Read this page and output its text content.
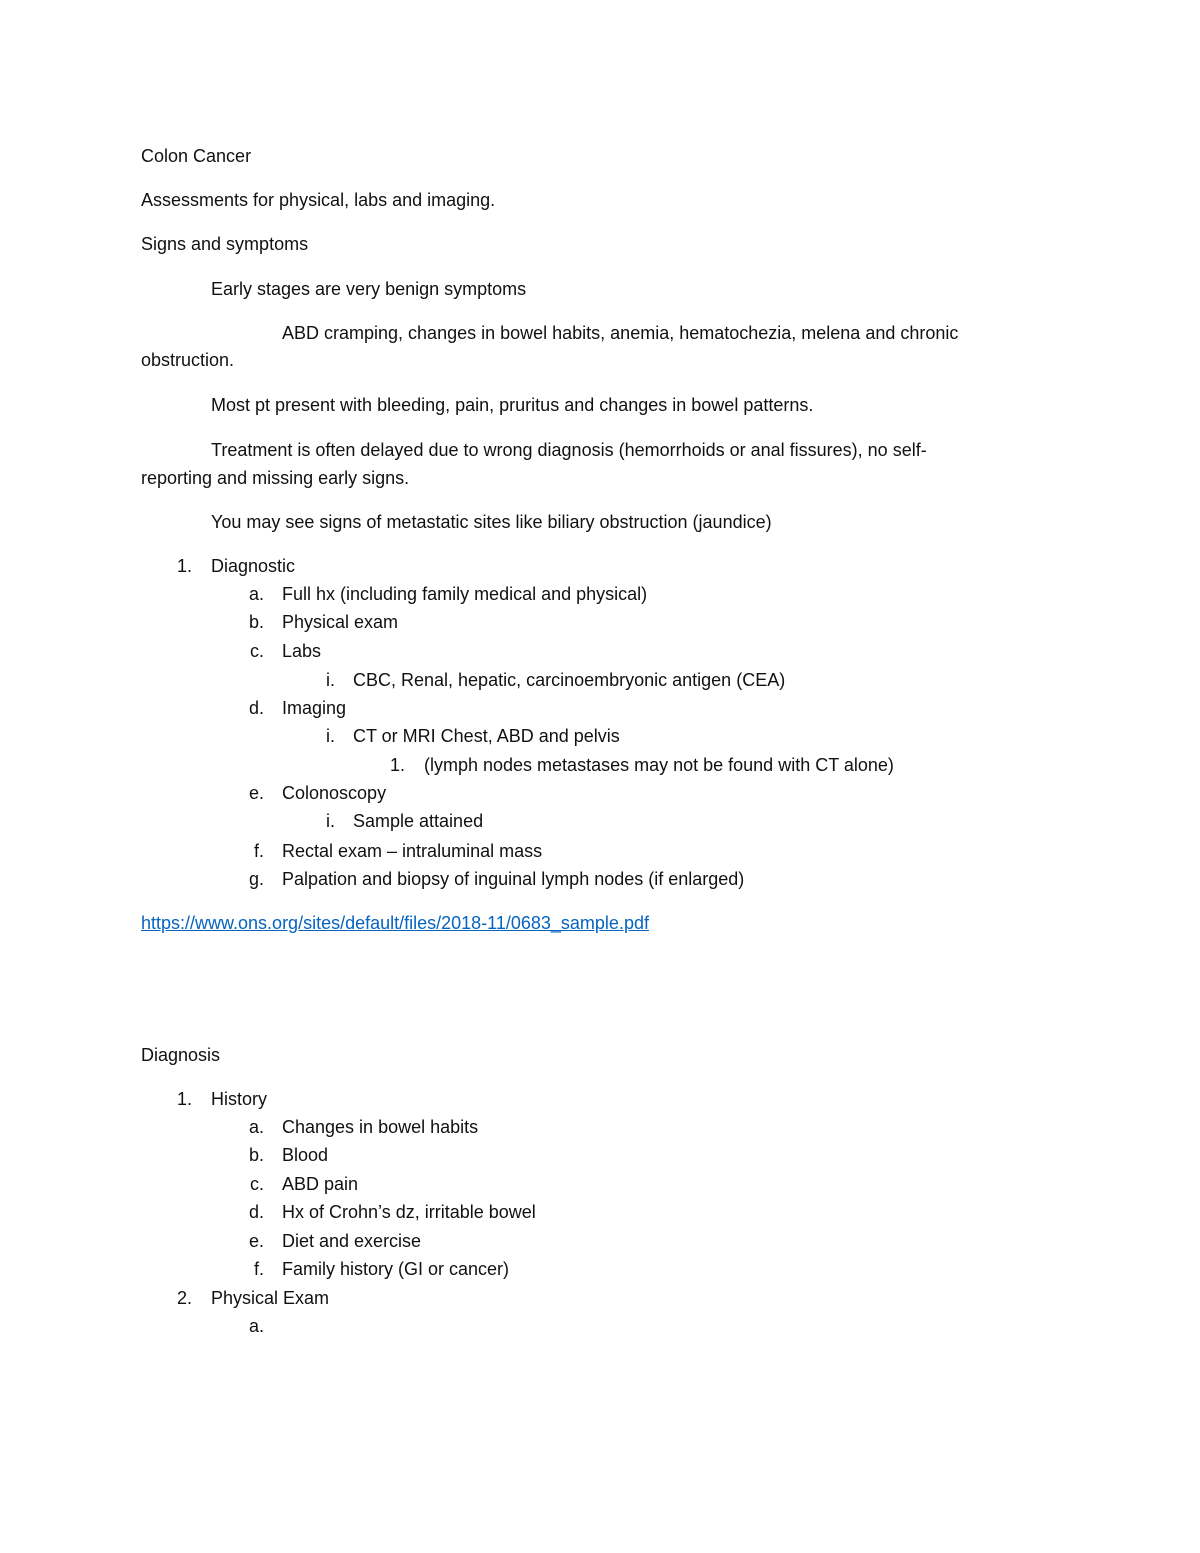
Colon Cancer

Assessments for physical, labs and imaging.

Signs and symptoms

Early stages are very benign symptoms

ABD cramping, changes in bowel habits, anemia, hematochezia, melena and chronic

obstruction.

Most pt present with bleeding, pain, pruritus and changes in bowel patterns.

Treatment is often delayed due to wrong diagnosis (hemorrhoids or anal fissures), no self-

reporting and missing early signs.

You may see signs of metastatic sites like biliary obstruction (jaundice)

1. Diagnostic
a. Full hx (including family medical and physical)
b. Physical exam
c. Labs
i. CBC, Renal, hepatic, carcinoembryonic antigen (CEA)
d. Imaging
i. CT or MRI Chest, ABD and pelvis
1. (lymph nodes metastases may not be found with CT alone)
e. Colonoscopy
i. Sample attained
f. Rectal exam – intraluminal mass
g. Palpation and biopsy of inguinal lymph nodes (if enlarged)
https://www.ons.org/sites/default/files/2018-11/0683_sample.pdf

Diagnosis

1. History
a. Changes in bowel habits
b. Blood
c. ABD pain
d. Hx of Crohn’s dz, irritable bowel
e. Diet and exercise
f. Family history (GI or cancer)
2. Physical Exam
a.
